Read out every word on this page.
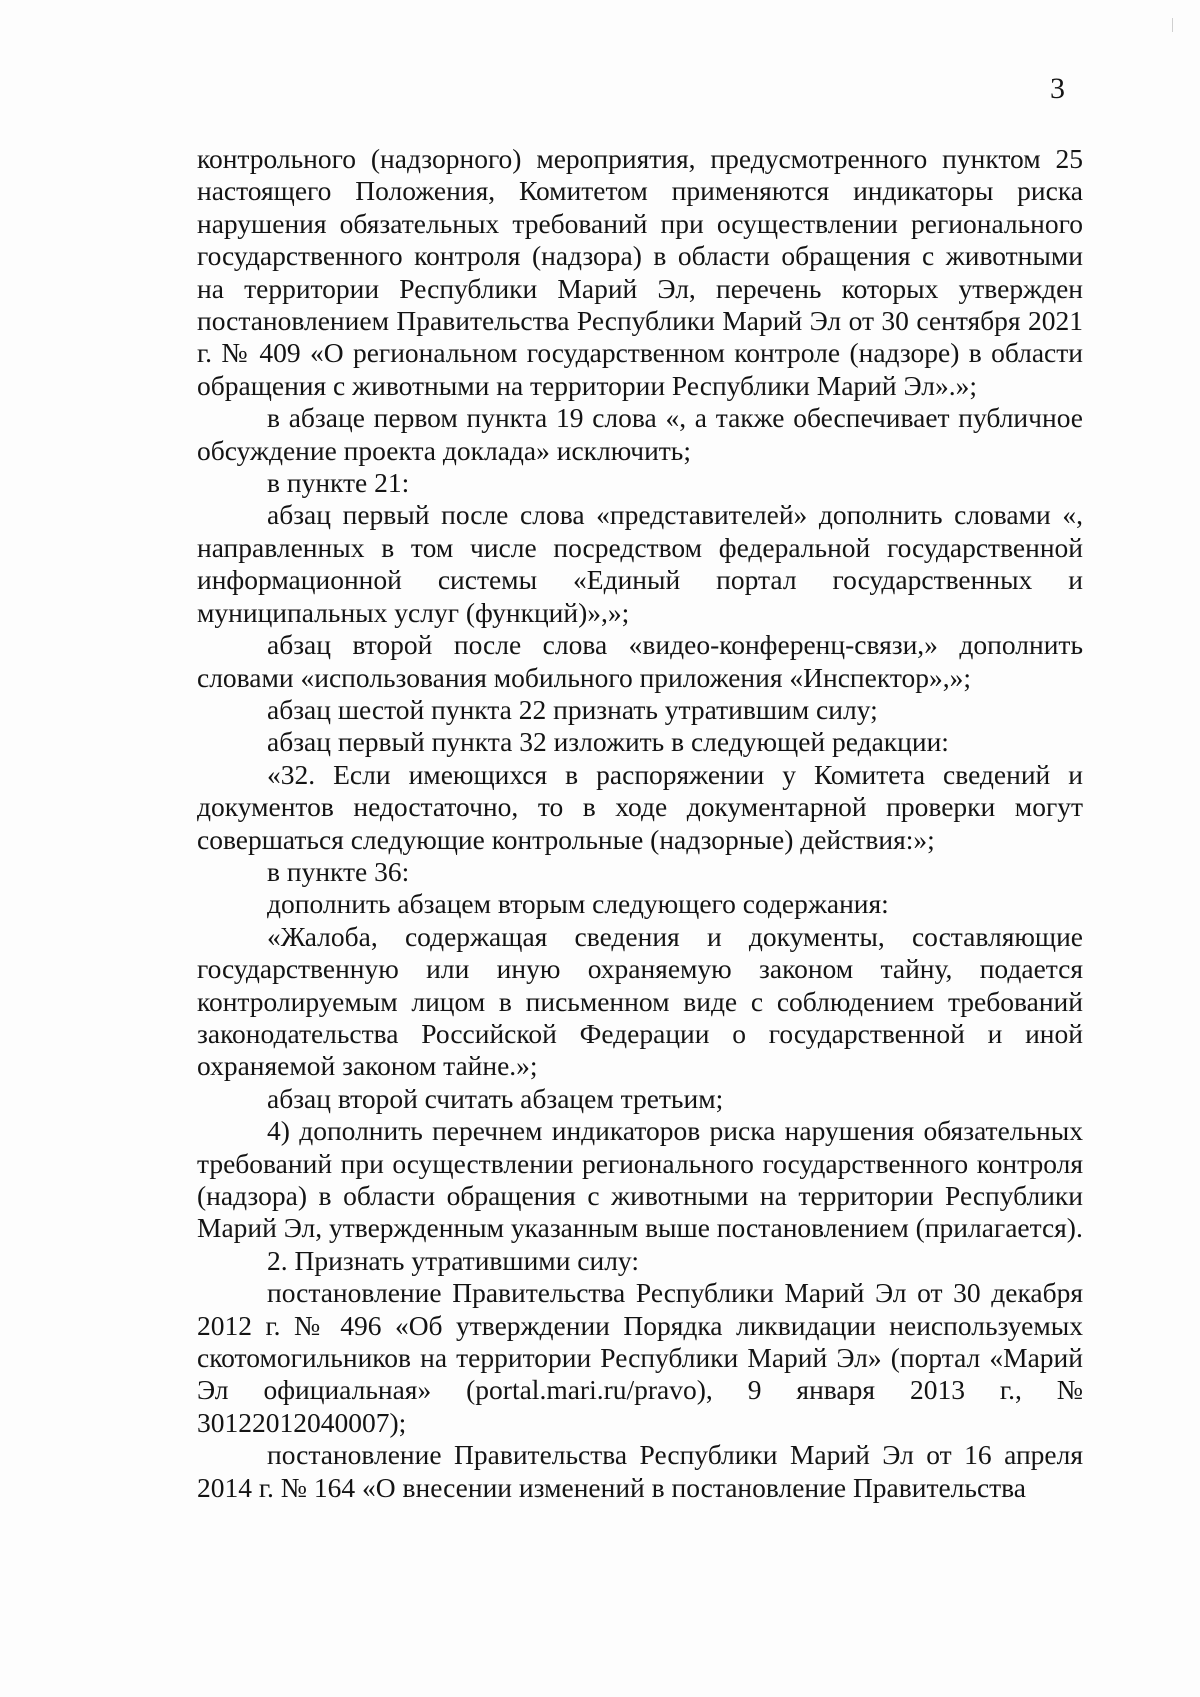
3

контрольного (надзорного) мероприятия, предусмотренного пунктом 25 настоящего Положения, Комитетом применяются индикаторы риска нарушения обязательных требований при осуществлении регионального государственного контроля (надзора) в области обращения с животными на территории Республики Марий Эл, перечень которых утвержден постановлением Правительства Республики Марий Эл от 30 сентября 2021 г. № 409 «О региональном государственном контроле (надзоре) в области обращения с животными на территории Республики Марий Эл».»;

в абзаце первом пункта 19 слова «, а также обеспечивает публичное обсуждение проекта доклада» исключить;

в пункте 21:

абзац первый после слова «представителей» дополнить словами «, направленных в том числе посредством федеральной государственной информационной системы «Единый портал государственных и муниципальных услуг (функций)»,»;

абзац второй после слова «видео-конференц-связи,» дополнить словами «использования мобильного приложения «Инспектор»,»;

абзац шестой пункта 22 признать утратившим силу;

абзац первый пункта 32 изложить в следующей редакции:

«32. Если имеющихся в распоряжении у Комитета сведений и документов недостаточно, то в ходе документарной проверки могут совершаться следующие контрольные (надзорные) действия:»;

в пункте 36:

дополнить абзацем вторым следующего содержания:

«Жалоба, содержащая сведения и документы, составляющие государственную или иную охраняемую законом тайну, подается контролируемым лицом в письменном виде с соблюдением требований законодательства Российской Федерации о государственной и иной охраняемой законом тайне.»;

абзац второй считать абзацем третьим;

4) дополнить перечнем индикаторов риска нарушения обязательных требований при осуществлении регионального государственного контроля (надзора) в области обращения с животными на территории Республики Марий Эл, утвержденным указанным выше постановлением (прилагается).

2. Признать утратившими силу:

постановление Правительства Республики Марий Эл от 30 декабря 2012 г. № 496 «Об утверждении Порядка ликвидации неиспользуемых скотомогильников на территории Республики Марий Эл» (портал «Марий Эл официальная» (portal.mari.ru/pravo), 9 января 2013 г., № 30122012040007);

постановление Правительства Республики Марий Эл от 16 апреля 2014 г. № 164 «О внесении изменений в постановление Правительства
